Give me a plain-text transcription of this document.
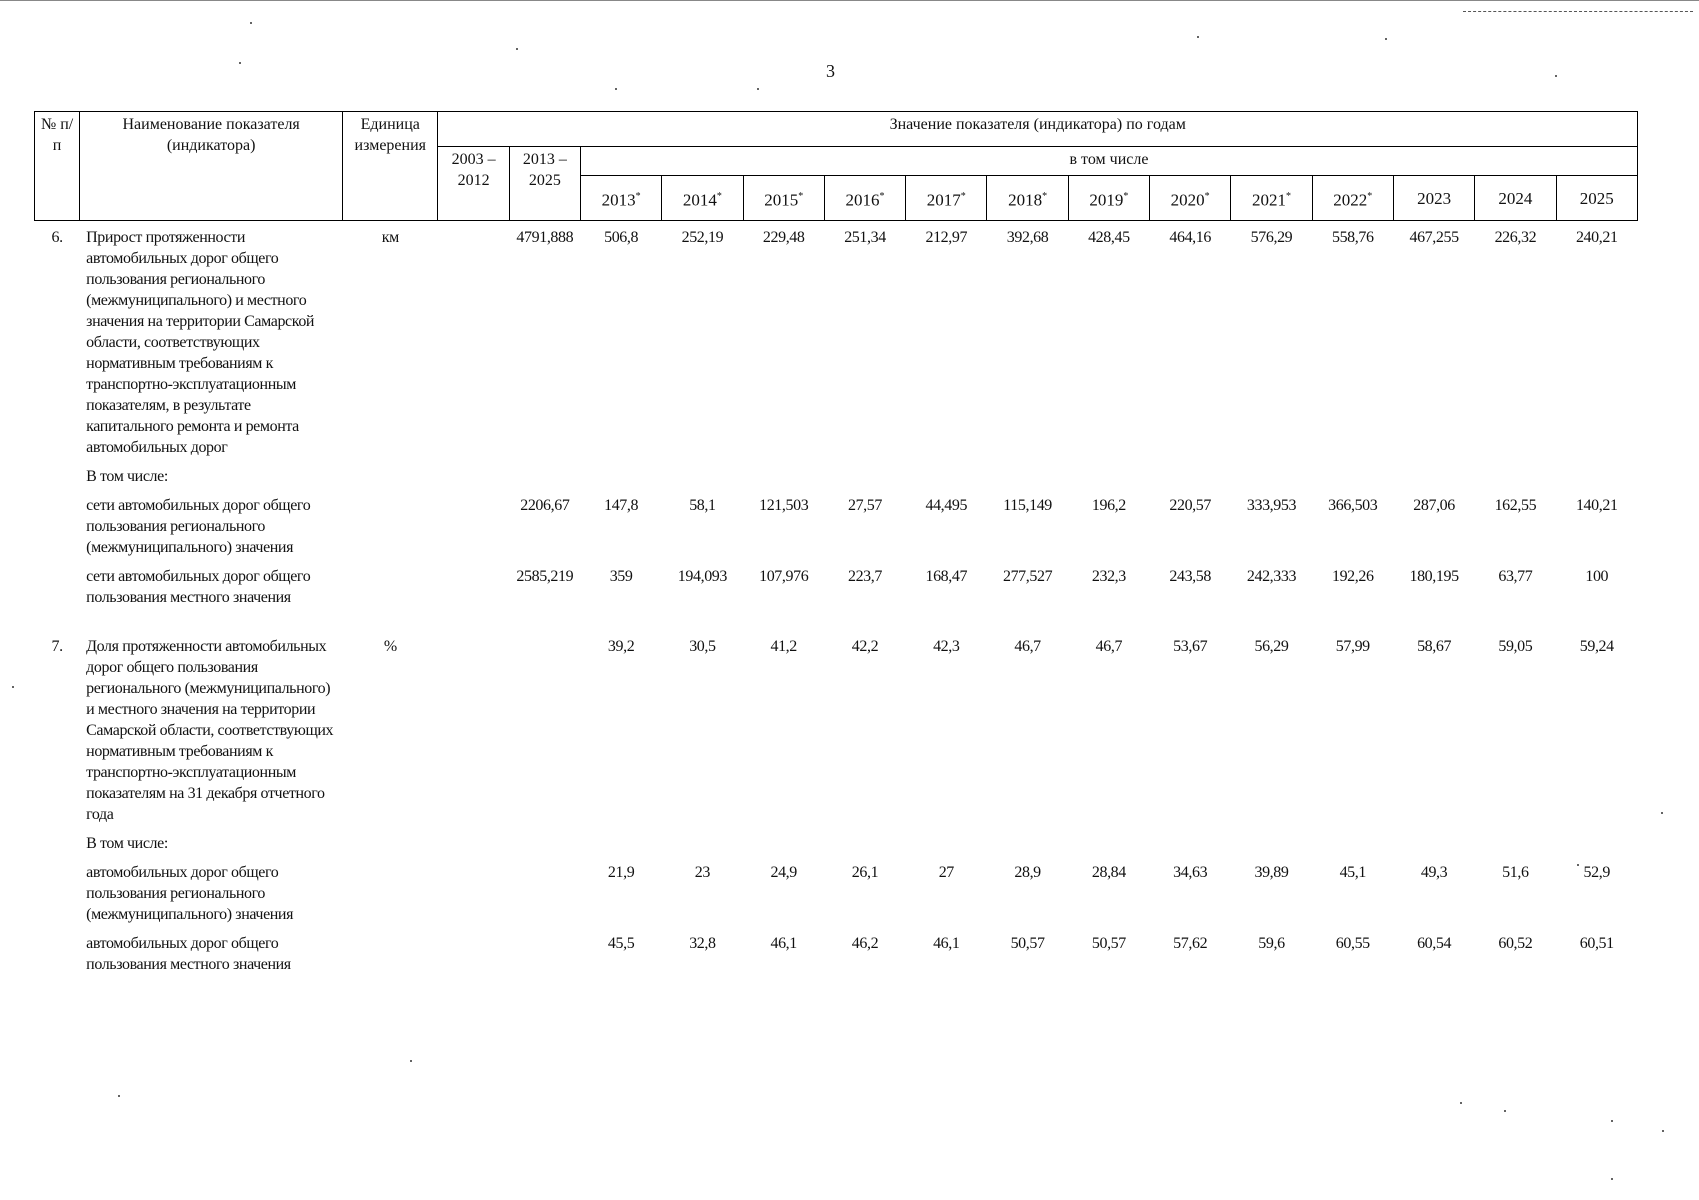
3
№ п/п	Наименование показателя (индикатора)	Единица измерения	Значение показателя (индикатора) по годам														
			2003 – 2012	2013 – 2025	в том числе												
					2013*	2014*	2015*	2016*	2017*	2018*	2019*	2020*	2021*	2022*	2023	2024	2025
6.	Прирост протяженности автомобильных дорог общего пользования регионального (межмуниципального) и местного значения на территории Самарской области, соответствующих нормативным требованиям к транспортно-эксплуатационным показателям, в результате капитального ремонта и ремонта автомобильных дорог	км		4791,888	506,8	252,19	229,48	251,34	212,97	392,68	428,45	464,16	576,29	558,76	467,255	226,32	240,21
	В том числе:																
	сети автомобильных дорог общего пользования регионального (межмуниципального) значения			2206,67	147,8	58,1	121,503	27,57	44,495	115,149	196,2	220,57	333,953	366,503	287,06	162,55	140,21
	сети автомобильных дорог общего пользования местного значения			2585,219	359	194,093	107,976	223,7	168,47	277,527	232,3	243,58	242,333	192,26	180,195	63,77	100

7.	Доля протяженности автомобильных дорог общего пользования регионального (межмуниципального) и местного значения на территории Самарской области, соответствующих нормативным требованиям к транспортно-эксплуатационным показателям на 31 декабря отчетного года	%			39,2	30,5	41,2	42,2	42,3	46,7	46,7	53,67	56,29	57,99	58,67	59,05	59,24
	В том числе:																
	автомобильных дорог общего пользования регионального (межмуниципального) значения				21,9	23	24,9	26,1	27	28,9	28,84	34,63	39,89	45,1	49,3	51,6	52,9
	автомобильных дорог общего пользования местного значения				45,5	32,8	46,1	46,2	46,1	50,57	50,57	57,62	59,6	60,55	60,54	60,52	60,51
